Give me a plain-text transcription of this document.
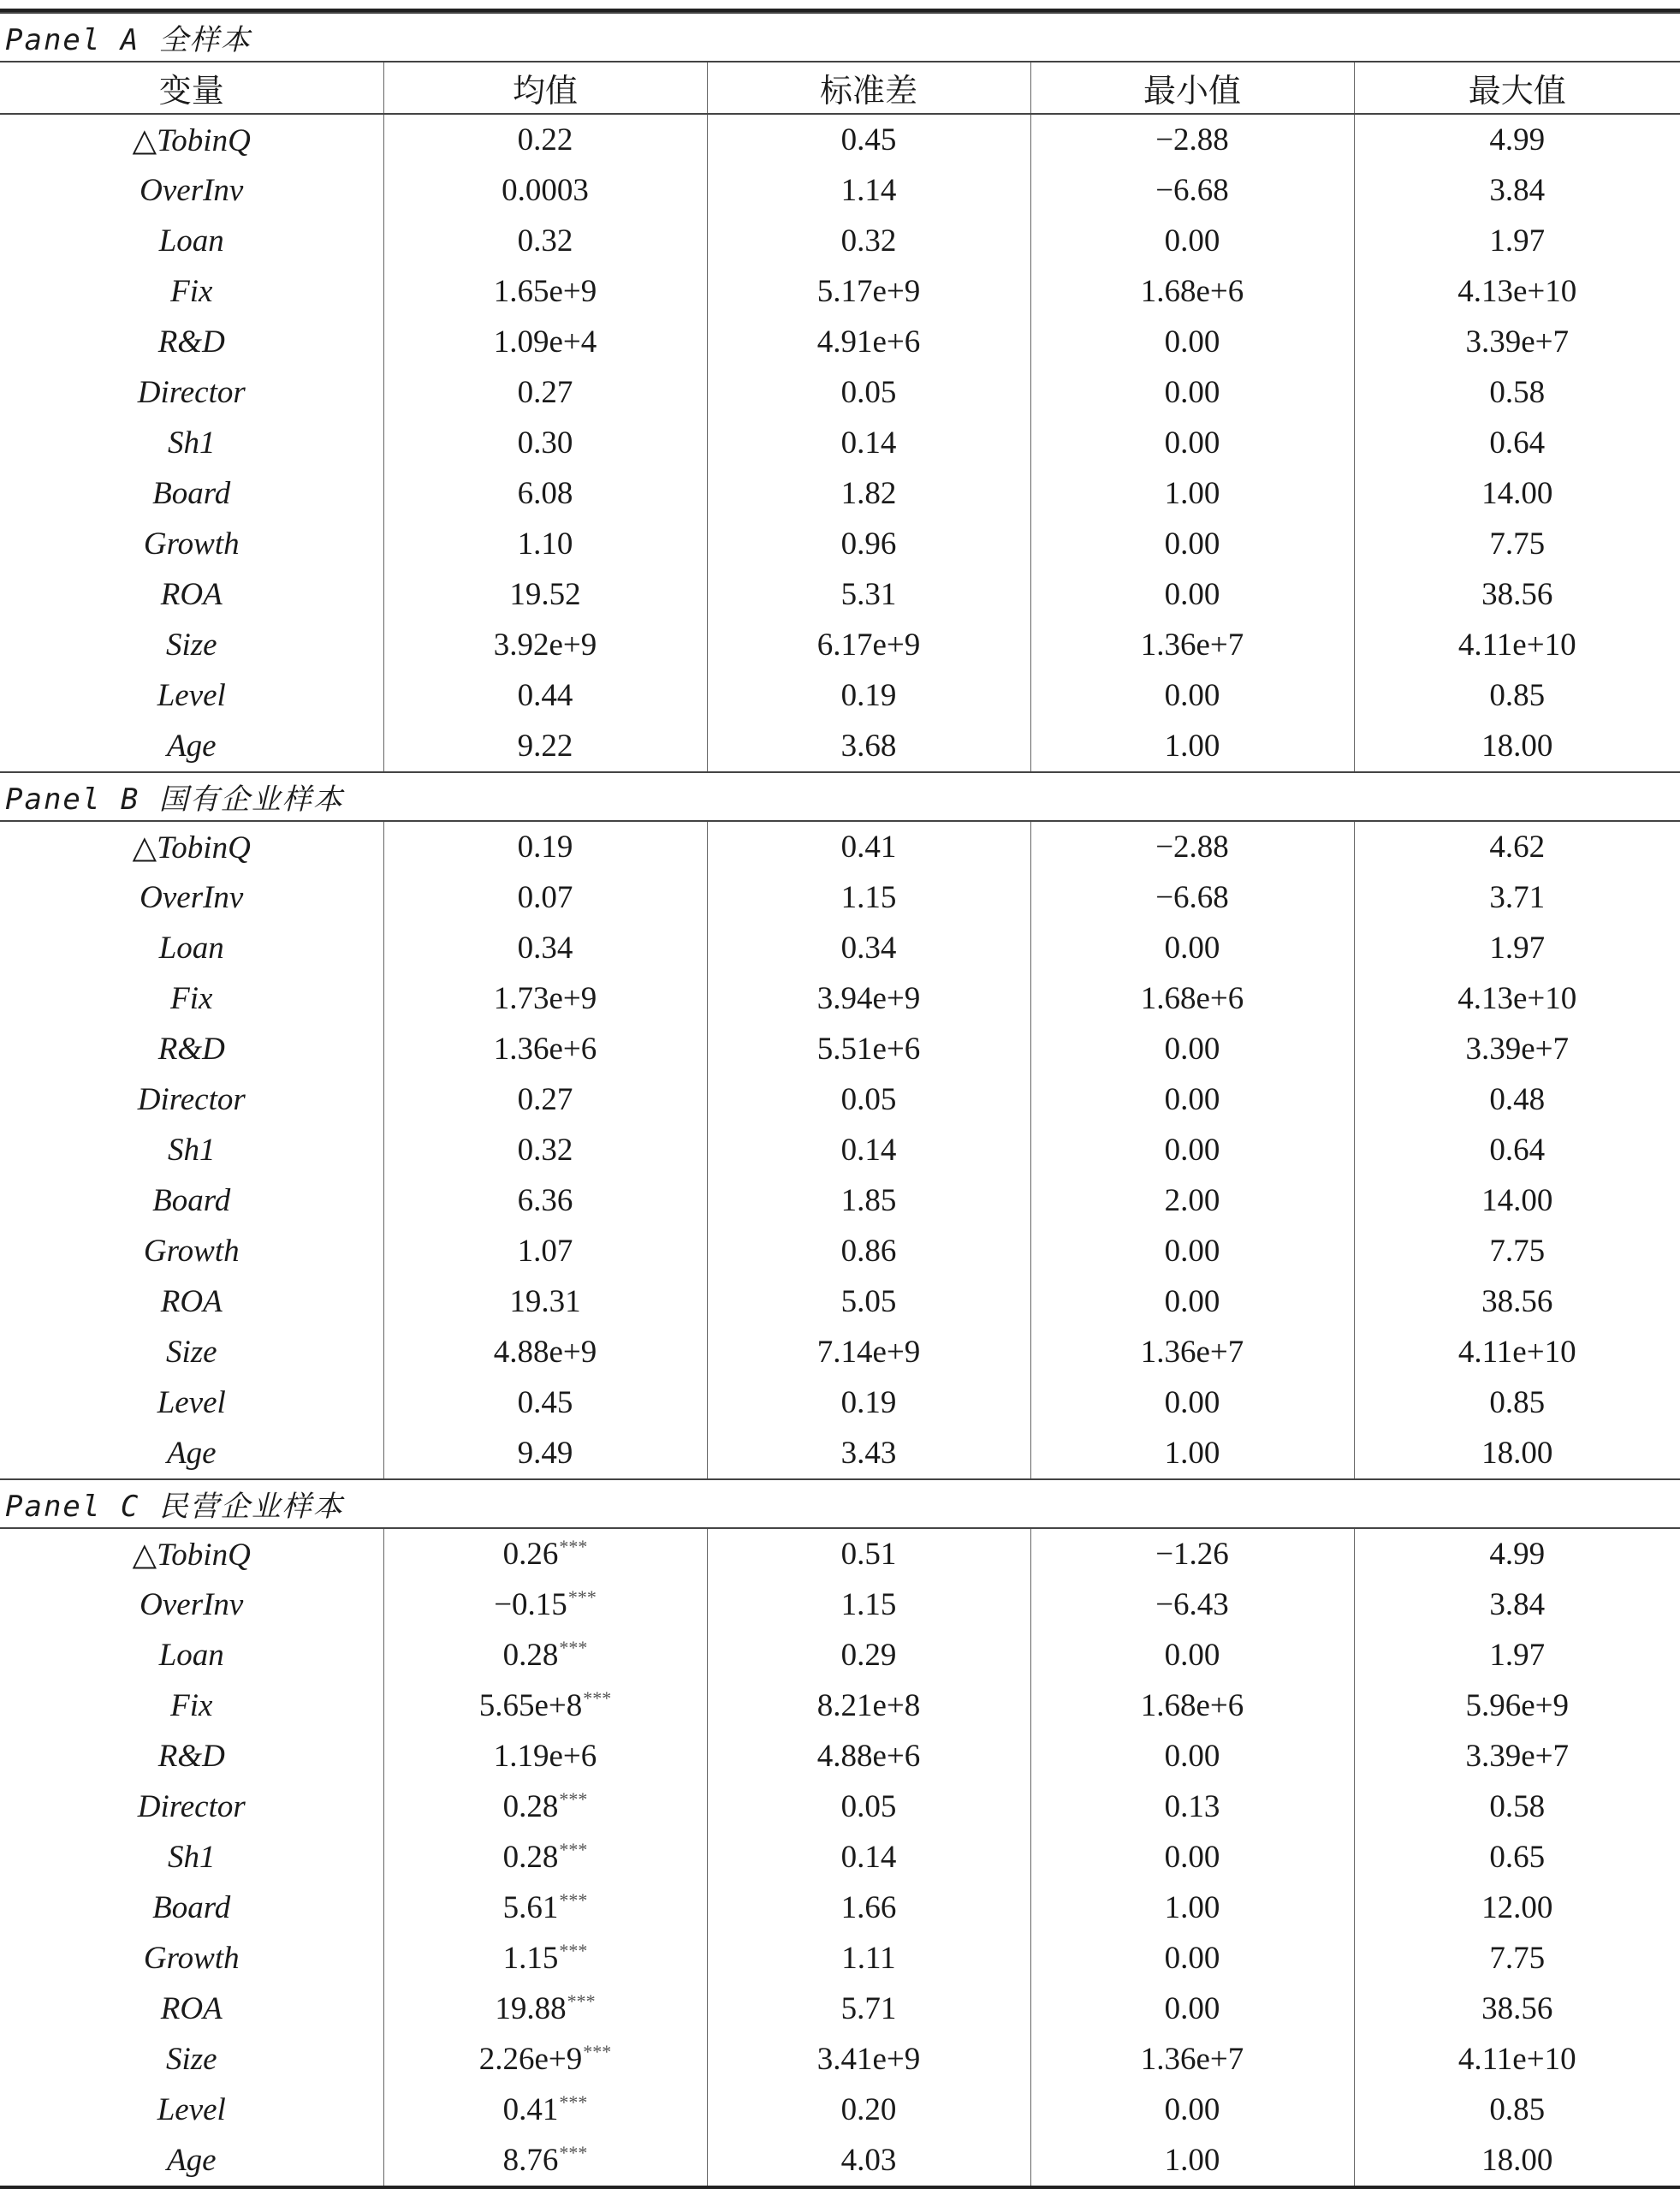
Panel A 全样本				
变量	均值	标准差	最小值	最大值
△TobinQ	0.22	0.45	−2.88	4.99
OverInv	0.0003	1.14	−6.68	3.84
Loan	0.32	0.32	0.00	1.97
Fix	1.65e+9	5.17e+9	1.68e+6	4.13e+10
R&D	1.09e+4	4.91e+6	0.00	3.39e+7
Director	0.27	0.05	0.00	0.58
Sh1	0.30	0.14	0.00	0.64
Board	6.08	1.82	1.00	14.00
Growth	1.10	0.96	0.00	7.75
ROA	19.52	5.31	0.00	38.56
Size	3.92e+9	6.17e+9	1.36e+7	4.11e+10
Level	0.44	0.19	0.00	0.85
Age	9.22	3.68	1.00	18.00
Panel B 国有企业样本				
△TobinQ	0.19	0.41	−2.88	4.62
OverInv	0.07	1.15	−6.68	3.71
Loan	0.34	0.34	0.00	1.97
Fix	1.73e+9	3.94e+9	1.68e+6	4.13e+10
R&D	1.36e+6	5.51e+6	0.00	3.39e+7
Director	0.27	0.05	0.00	0.48
Sh1	0.32	0.14	0.00	0.64
Board	6.36	1.85	2.00	14.00
Growth	1.07	0.86	0.00	7.75
ROA	19.31	5.05	0.00	38.56
Size	4.88e+9	7.14e+9	1.36e+7	4.11e+10
Level	0.45	0.19	0.00	0.85
Age	9.49	3.43	1.00	18.00
Panel C 民营企业样本				
△TobinQ	0.26***	0.51	−1.26	4.99
OverInv	−0.15***	1.15	−6.43	3.84
Loan	0.28***	0.29	0.00	1.97
Fix	5.65e+8***	8.21e+8	1.68e+6	5.96e+9
R&D	1.19e+6	4.88e+6	0.00	3.39e+7
Director	0.28***	0.05	0.13	0.58
Sh1	0.28***	0.14	0.00	0.65
Board	5.61***	1.66	1.00	12.00
Growth	1.15***	1.11	0.00	7.75
ROA	19.88***	5.71	0.00	38.56
Size	2.26e+9***	3.41e+9	1.36e+7	4.11e+10
Level	0.41***	0.20	0.00	0.85
Age	8.76***	4.03	1.00	18.00
